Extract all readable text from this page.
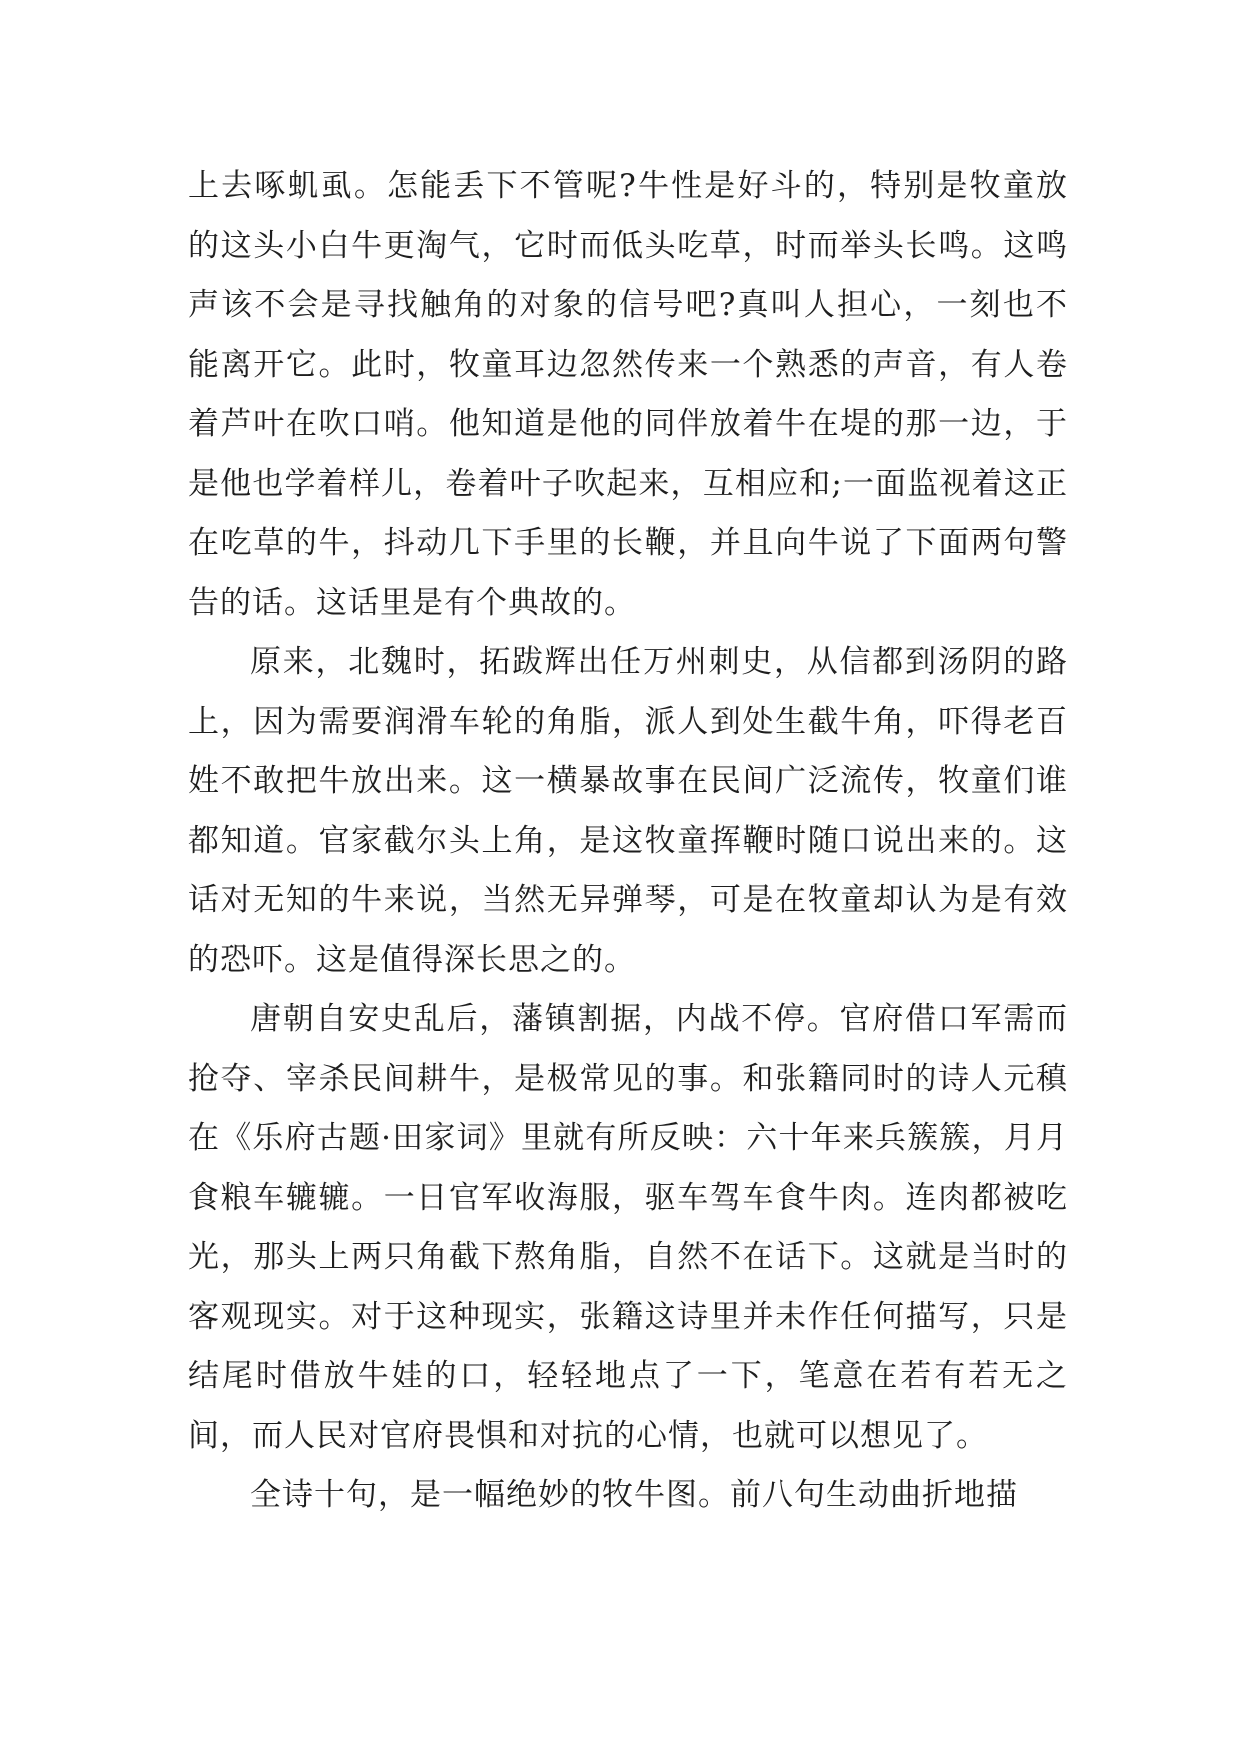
上去啄虮虱。怎能丢下不管呢?牛性是好斗的，特别是牧童放的这头小白牛更淘气，它时而低头吃草，时而举头长鸣。这鸣声该不会是寻找触角的对象的信号吧?真叫人担心，一刻也不能离开它。此时，牧童耳边忽然传来一个熟悉的声音，有人卷着芦叶在吹口哨。他知道是他的同伴放着牛在堤的那一边，于是他也学着样儿，卷着叶子吹起来，互相应和;一面监视着这正在吃草的牛，抖动几下手里的长鞭，并且向牛说了下面两句警告的话。这话里是有个典故的。

原来，北魏时，拓跋辉出任万州刺史，从信都到汤阴的路上，因为需要润滑车轮的角脂，派人到处生截牛角，吓得老百姓不敢把牛放出来。这一横暴故事在民间广泛流传，牧童们谁都知道。官家截尔头上角，是这牧童挥鞭时随口说出来的。这话对无知的牛来说，当然无异弹琴，可是在牧童却认为是有效的恐吓。这是值得深长思之的。

唐朝自安史乱后，藩镇割据，内战不停。官府借口军需而抢夺、宰杀民间耕牛，是极常见的事。和张籍同时的诗人元稹在《乐府古题·田家词》里就有所反映：六十年来兵簇簇，月月食粮车辘辘。一日官军收海服，驱车驾车食牛肉。连肉都被吃光，那头上两只角截下熬角脂，自然不在话下。这就是当时的客观现实。对于这种现实，张籍这诗里并未作任何描写，只是结尾时借放牛娃的口，轻轻地点了一下，笔意在若有若无之间，而人民对官府畏惧和对抗的心情，也就可以想见了。

全诗十句，是一幅绝妙的牧牛图。前八句生动曲折地描
